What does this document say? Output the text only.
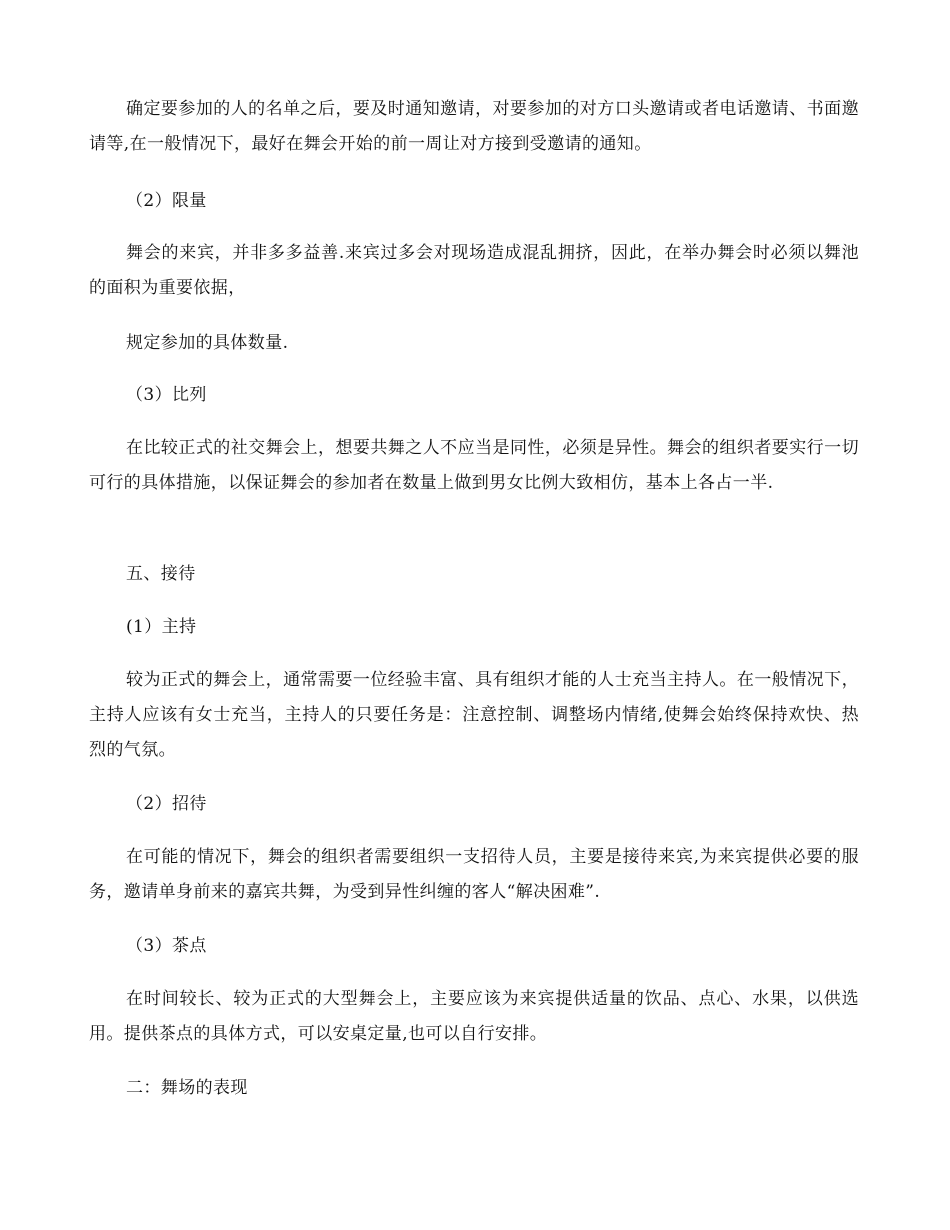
确定要参加的人的名单之后，要及时通知邀请，对要参加的对方口头邀请或者电话邀请、书面邀请等,在一般情况下，最好在舞会开始的前一周让对方接到受邀请的通知。

（2）限量

舞会的来宾，并非多多益善.来宾过多会对现场造成混乱拥挤，因此，在举办舞会时必须以舞池的面积为重要依据，

规定参加的具体数量.

（3）比列

在比较正式的社交舞会上，想要共舞之人不应当是同性，必须是异性。舞会的组织者要实行一切可行的具体措施，以保证舞会的参加者在数量上做到男女比例大致相仿，基本上各占一半.

五、接待

(1）主持

较为正式的舞会上，通常需要一位经验丰富、具有组织才能的人士充当主持人。在一般情况下，主持人应该有女士充当，主持人的只要任务是：注意控制、调整场内情绪,使舞会始终保持欢快、热烈的气氛。

（2）招待

在可能的情况下，舞会的组织者需要组织一支招待人员，主要是接待来宾,为来宾提供必要的服务，邀请单身前来的嘉宾共舞，为受到异性纠缠的客人“解决困难”.

（3）茶点

在时间较长、较为正式的大型舞会上，主要应该为来宾提供适量的饮品、点心、水果，以供选用。提供茶点的具体方式，可以安桌定量,也可以自行安排。

二：舞场的表现
